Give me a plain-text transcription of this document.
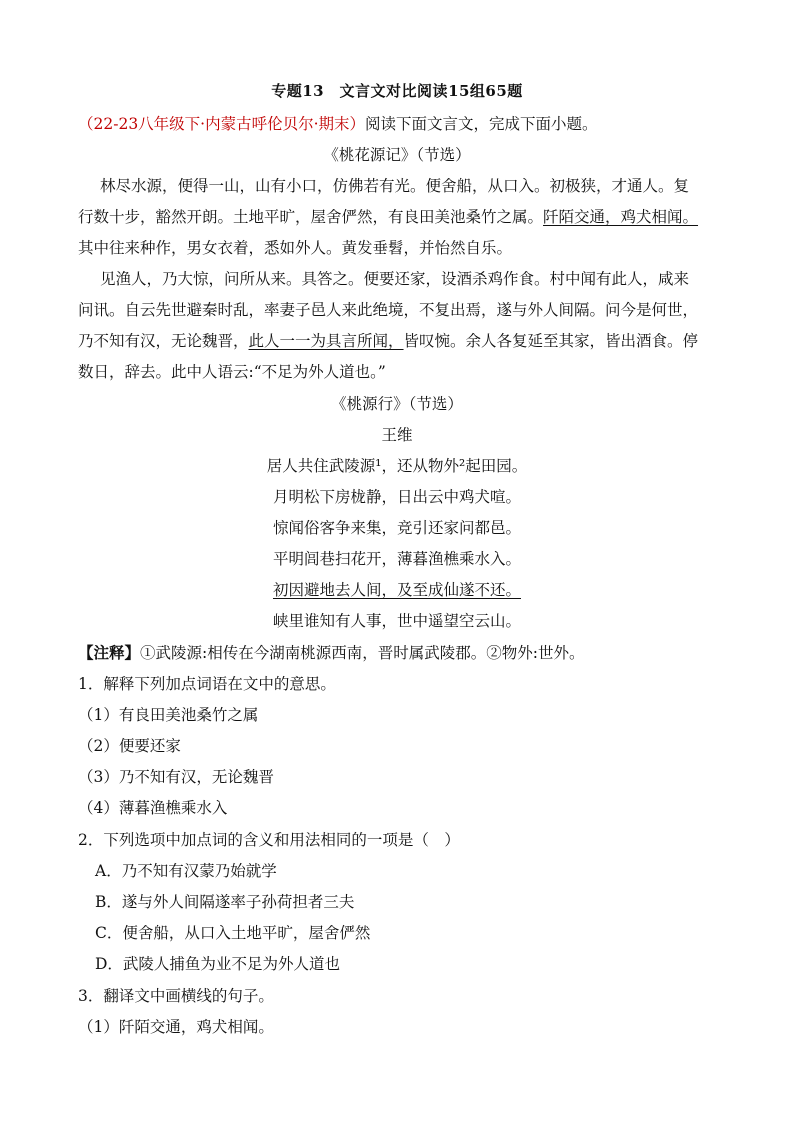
专题13　文言文对比阅读15组65题
（22-23八年级下·内蒙古呼伦贝尔·期末）阅读下面文言文，完成下面小题。
《桃花源记》（节选）
林尽水源，便得一山，山有小口，仿佛若有光。便舍船，从口入。初极狭，才通人。复
行数十步，豁然开朗。土地平旷，屋舍俨然，有良田美池桑竹之属。阡陌交通，鸡犬相闻。
其中往来种作，男女衣着，悉如外人。黄发垂髫，并怡然自乐。
见渔人，乃大惊，问所从来。具答之。便要还家，设酒杀鸡作食。村中闻有此人，咸来
问讯。自云先世避秦时乱，率妻子邑人来此绝境，不复出焉，遂与外人间隔。问今是何世，
乃不知有汉，无论魏晋，此人一一为具言所闻，皆叹惋。余人各复延至其家，皆出酒食。停
数日，辞去。此中人语云:“不足为外人道也。”
《桃源行》（节选）
王维
居人共住武陵源¹，还从物外²起田园。
月明松下房栊静，日出云中鸡犬喧。
惊闻俗客争来集，竞引还家问都邑。
平明闾巷扫花开，薄暮渔樵乘水入。
初因避地去人间，及至成仙遂不还。
峡里谁知有人事，世中遥望空云山。
【注释】①武陵源:相传在今湖南桃源西南，晋时属武陵郡。②物外:世外。
1．解释下列加点词语在文中的意思。
（1）有良田美池桑竹之属
（2）便要还家
（3）乃不知有汉，无论魏晋
（4）薄暮渔樵乘水入
2．下列选项中加点词的含义和用法相同的一项是（　）
A．乃不知有汉蒙乃始就学
B．遂与外人间隔遂率子孙荷担者三夫
C．便舍船，从口入土地平旷，屋舍俨然
D．武陵人捕鱼为业不足为外人道也
3．翻译文中画横线的句子。
（1）阡陌交通，鸡犬相闻。
